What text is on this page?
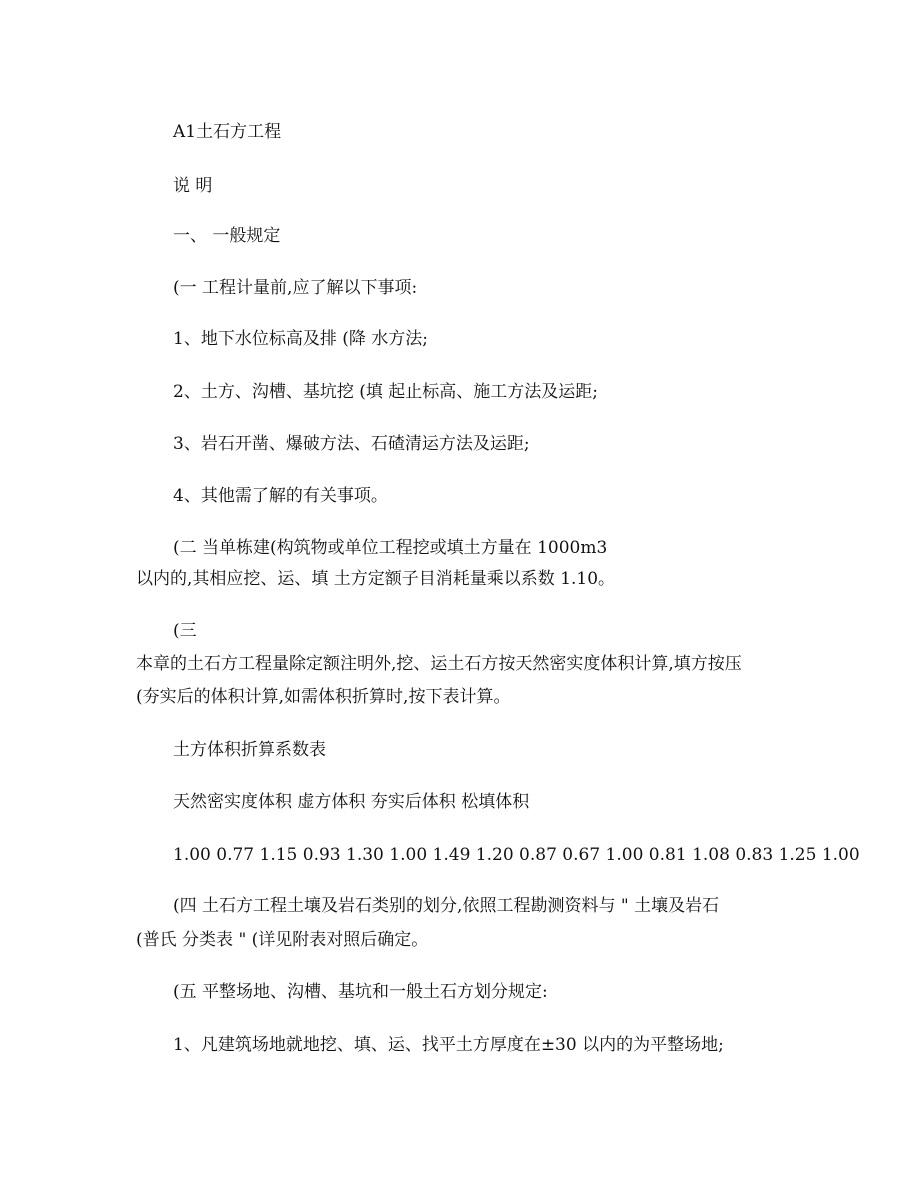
A1土石方工程
说 明
一、 一般规定
(一 工程计量前,应了解以下事项:
1、地下水位标高及排 (降 水方法;
2、土方、沟槽、基坑挖 (填 起止标高、施工方法及运距;
3、岩石开凿、爆破方法、石碴清运方法及运距;
4、其他需了解的有关事项。
(二 当单栋建(构筑物或单位工程挖或填土方量在 1000m3
以内的,其相应挖、运、填 土方定额子目消耗量乘以系数 1.10。
(三
本章的土石方工程量除定额注明外,挖、运土石方按天然密实度体积计算,填方按压
(夯实后的体积计算,如需体积折算时,按下表计算。
土方体积折算系数表
天然密实度体积 虚方体积 夯实后体积 松填体积
1.00 0.77 1.15 0.93 1.30 1.00 1.49 1.20 0.87 0.67 1.00 0.81 1.08 0.83 1.25 1.00
(四 土石方工程土壤及岩石类别的划分,依照工程勘测资料与 " 土壤及岩石
(普氏 分类表 " (详见附表对照后确定。
(五 平整场地、沟槽、基坑和一般土石方划分规定:
1、凡建筑场地就地挖、填、运、找平土方厚度在±30 以内的为平整场地;
